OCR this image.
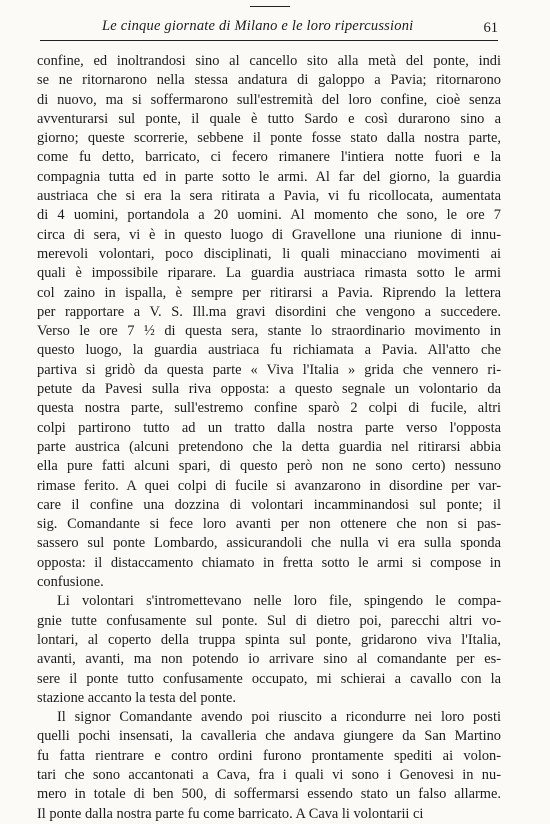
Le cinque giornate di Milano e le loro ripercussioni	61
confine, ed inoltrandosi sino al cancello sito alla metà del ponte, indi
se ne ritornarono nella stessa andatura di galoppo a Pavia; ritornarono
di nuovo, ma si soffermarono sull'estremità del loro confine, cioè senza
avventurarsi sul ponte, il quale è tutto Sardo e così durarono sino a
giorno; queste scorrerie, sebbene il ponte fosse stato dalla nostra parte,
come fu detto, barricato, ci fecero rimanere l'intiera notte fuori e la
compagnia tutta ed in parte sotto le armi. Al far del giorno, la guardia
austriaca che si era la sera ritirata a Pavia, vi fu ricollocata, aumentata
di 4 uomini, portandola a 20 uomini. Al momento che sono, le ore 7
circa di sera, vi è in questo luogo di Gravellone una riunione di innu-
merevoli volontari, poco disciplinati, li quali minacciano movimenti ai
quali è impossibile riparare. La guardia austriaca rimasta sotto le armi
col zaino in ispalla, è sempre per ritirarsi a Pavia. Riprendo la lettera
per rapportare a V. S. Ill.ma gravi disordini che vengono a succedere.
Verso le ore 7 ½ di questa sera, stante lo straordinario movimento in
questo luogo, la guardia austriaca fu richiamata a Pavia. All'atto che
partiva si gridò da questa parte « Viva l'Italia » grida che vennero ri-
petute da Pavesi sulla riva opposta: a questo segnale un volontario da
questa nostra parte, sull'estremo confine sparò 2 colpi di fucile, altri
colpi partirono tutto ad un tratto dalla nostra parte verso l'opposta
parte austrica (alcuni pretendono che la detta guardia nel ritirarsi abbia
ella pure fatti alcuni spari, di questo però non ne sono certo) nessuno
rimase ferito. A quei colpi di fucile si avanzarono in disordine per var-
care il confine una dozzina di volontari incamminandosi sul ponte; il
sig. Comandante si fece loro avanti per non ottenere che non si pas-
sassero sul ponte Lombardo, assicurandoli che nulla vi era sulla sponda
opposta: il distaccamento chiamato in fretta sotto le armi si compose in
confusione.
Li volontari s'intromettevano nelle loro file, spingendo le compa-
gnie tutte confusamente sul ponte. Sul di dietro poi, parecchi altri vo-
lontari, al coperto della truppa spinta sul ponte, gridarono viva l'Italia,
avanti, avanti, ma non potendo io arrivare sino al comandante per es-
sere il ponte tutto confusamente occupato, mi schierai a cavallo con la
stazione accanto la testa del ponte.
Il signor Comandante avendo poi riuscito a ricondurre nei loro posti
quelli pochi insensati, la cavalleria che andava giungere da San Martino
fu fatta rientrare e contro ordini furono prontamente spediti ai volon-
tari che sono accantonati a Cava, fra i quali vi sono i Genovesi in nu-
mero in totale di ben 500, di soffermarsi essendo stato un falso allarme.
Il ponte dalla nostra parte fu come barricato. A Cava li volontarii ci
